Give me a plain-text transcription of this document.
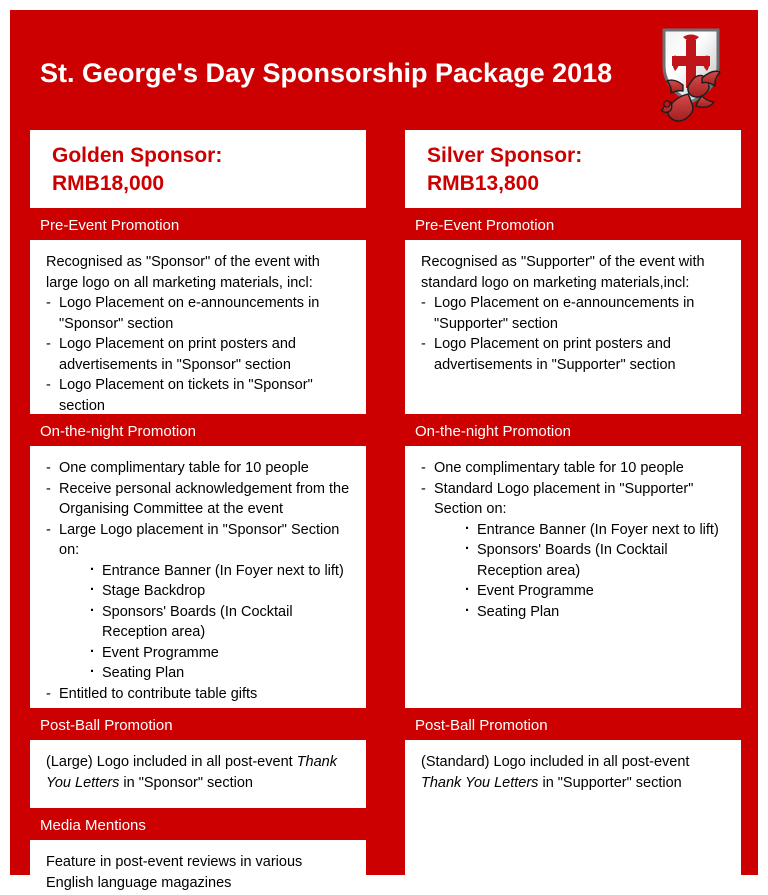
St. George's Day Sponsorship Package 2018
Golden Sponsor:
RMB18,000
Pre-Event Promotion

Recognised as "Sponsor" of the event with large logo on all marketing materials, incl:

- Logo Placement on e-announcements in "Sponsor" section
- Logo Placement on print posters and advertisements in "Sponsor" section
- Logo Placement on tickets in "Sponsor" section
On-the-night Promotion
- One complimentary table for 10 people
- Receive personal acknowledgement from the Organising Committee at the event
- Large Logo placement in "Sponsor" Section on:
· Entrance Banner (In Foyer next to lift)
· Stage Backdrop
· Sponsors' Boards (In Cocktail Reception area)
· Event Programme
· Seating Plan
- Entitled to contribute table gifts
Post-Ball Promotion

(Large) Logo included in all post-event Thank You Letters in "Sponsor" section

Media Mentions

Feature in post-event reviews in various English language magazines

Silver Sponsor:
RMB13,800
Pre-Event Promotion

Recognised as "Supporter" of the event with standard logo on marketing materials,incl:

- Logo Placement on e-announcements in "Supporter" section
- Logo Placement on print posters and advertisements in "Supporter" section
On-the-night Promotion
- One complimentary table for 10 people
- Standard Logo placement in "Supporter" Section on:
· Entrance Banner (In Foyer next to lift)
· Sponsors' Boards (In Cocktail Reception area)
· Event Programme
· Seating Plan
Post-Ball Promotion

(Standard) Logo included in all post-event Thank You Letters in "Supporter" section
